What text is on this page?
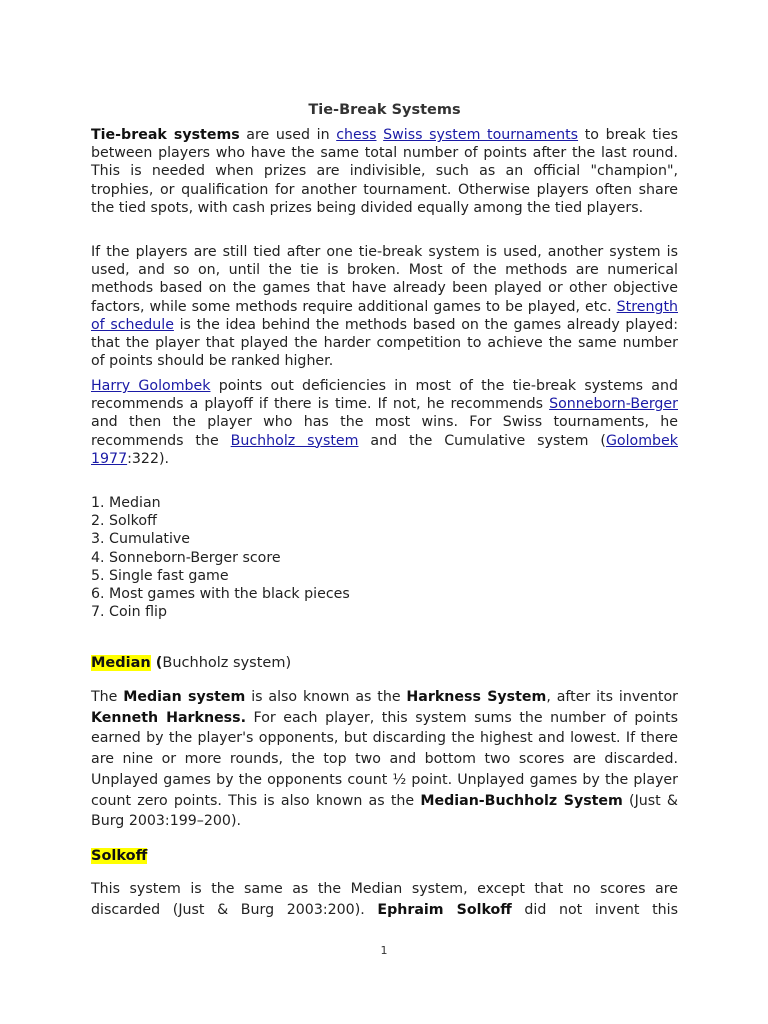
Tie-Break Systems
Tie-break systems are used in chess Swiss system tournaments to break ties between players who have the same total number of points after the last round. This is needed when prizes are indivisible, such as an official "champion", trophies, or qualification for another tournament. Otherwise players often share the tied spots, with cash prizes being divided equally among the tied players.
If the players are still tied after one tie-break system is used, another system is used, and so on, until the tie is broken. Most of the methods are numerical methods based on the games that have already been played or other objective factors, while some methods require additional games to be played, etc. Strength of schedule is the idea behind the methods based on the games already played: that the player that played the harder competition to achieve the same number of points should be ranked higher.
Harry Golombek points out deficiencies in most of the tie-break systems and recommends a playoff if there is time. If not, he recommends Sonneborn-Berger and then the player who has the most wins. For Swiss tournaments, he recommends the Buchholz system and the Cumulative system (Golombek 1977:322).
1. Median
2. Solkoff
3. Cumulative
4. Sonneborn-Berger score
5. Single fast game
6. Most games with the black pieces
7. Coin flip
Median (Buchholz system)
The Median system is also known as the Harkness System, after its inventor Kenneth Harkness. For each player, this system sums the number of points earned by the player's opponents, but discarding the highest and lowest. If there are nine or more rounds, the top two and bottom two scores are discarded. Unplayed games by the opponents count ½ point. Unplayed games by the player count zero points. This is also known as the Median-Buchholz System (Just & Burg 2003:199–200).
Solkoff
This system is the same as the Median system, except that no scores are discarded (Just & Burg 2003:200). Ephraim Solkoff did not invent this
1
